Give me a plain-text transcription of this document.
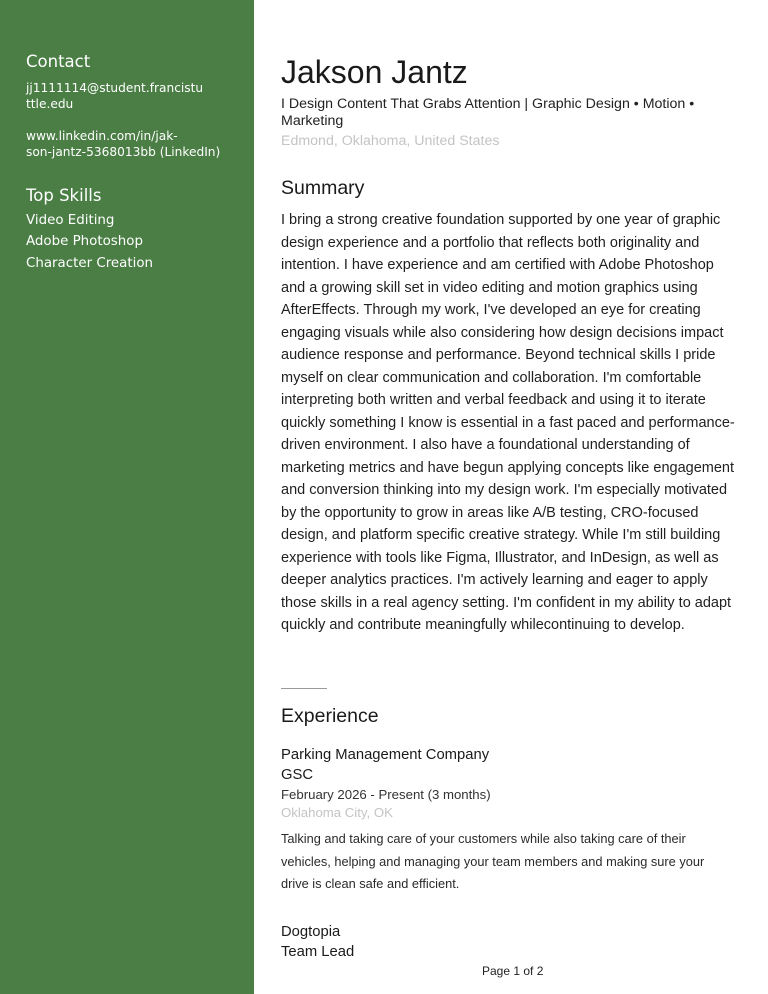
Contact
jj1111114@student.francistu
ttle.edu
www.linkedin.com/in/jak-
son-jantz-5368013bb (LinkedIn)
Top Skills
Video Editing
Adobe Photoshop
Character Creation
Jakson Jantz
I Design Content That Grabs Attention | Graphic Design • Motion • Marketing
Edmond, Oklahoma, United States
Summary

I bring a strong creative foundation supported by one year of graphic design experience and a portfolio that reflects both originality and intention. I have experience and am certified with Adobe Photoshop and a growing skill set in video editing and motion graphics using AfterEffects. Through my work, I've developed an eye for creating engaging visuals while also considering how design decisions impact audience response and performance. Beyond technical skills I pride myself on clear communication and collaboration. I'm comfortable interpreting both written and verbal feedback and using it to iterate quickly something I know is essential in a fast paced and performance-driven environment. I also have a foundational understanding of marketing metrics and have begun applying concepts like engagement and conversion thinking into my design work. I'm especially motivated by the opportunity to grow in areas like A/B testing, CRO-focused design, and platform specific creative strategy. While I'm still building experience with tools like Figma, Illustrator, and InDesign, as well as deeper analytics practices. I'm actively learning and eager to apply those skills in a real agency setting. I'm confident in my ability to adapt quickly and contribute meaningfully whilecontinuing to develop.

Experience
Parking Management Company
GSC
February 2026 - Present (3 months)
Oklahoma City, OK

Talking and taking care of your customers while also taking care of their vehicles, helping and managing your team members and making sure your drive is clean safe and efficient.

Dogtopia
Team Lead
Page 1 of 2
